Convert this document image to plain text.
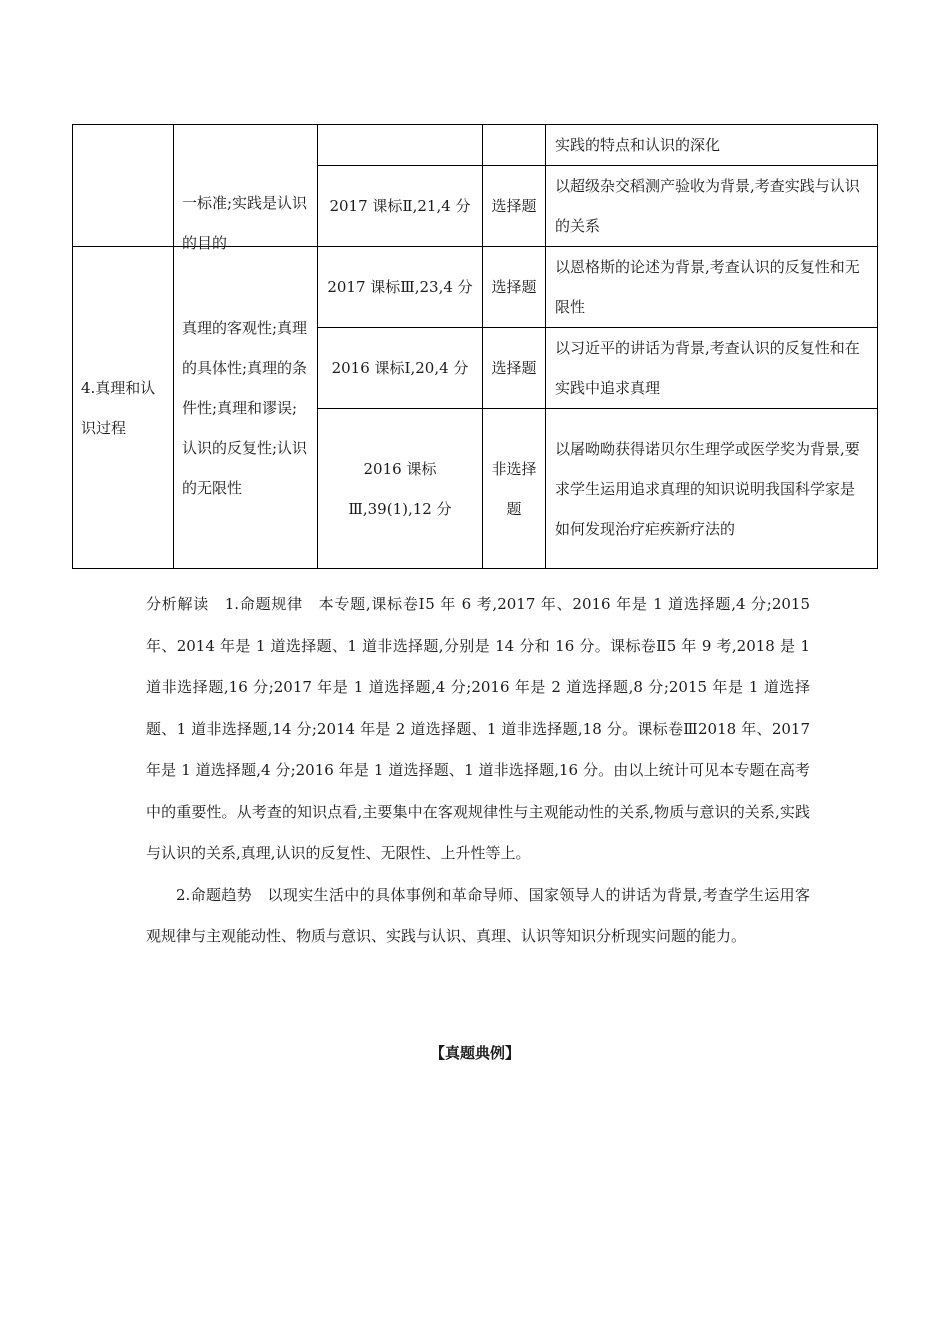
	一标准;实践是认识的目的			实践的特点和认识的深化
		2017 课标Ⅱ,21,4 分	选择题	以超级杂交稻测产验收为背景,考查实践与认识的关系
4.真理和认识过程	真理的客观性;真理的具体性;真理的条件性;真理和谬误;认识的反复性;认识的无限性	2017 课标Ⅲ,23,4 分	选择题	以恩格斯的论述为背景,考查认识的反复性和无限性
		2016 课标Ⅰ,20,4 分	选择题	以习近平的讲话为背景,考查认识的反复性和在实践中追求真理
		2016 课标Ⅲ,39(1),12 分	非选择题	以屠呦呦获得诺贝尔生理学或医学奖为背景,要求学生运用追求真理的知识说明我国科学家是如何发现治疗疟疾新疗法的

分析解读　1.命题规律　本专题,课标卷Ⅰ5 年 6 考,2017 年、2016 年是 1 道选择题,4 分;2015 年、2014 年是 1 道选择题、1 道非选择题,分别是 14 分和 16 分。课标卷Ⅱ5 年 9 考,2018 是 1 道非选择题,16 分;2017 年是 1 道选择题,4 分;2016 年是 2 道选择题,8 分;2015 年是 1 道选择题、1 道非选择题,14 分;2014 年是 2 道选择题、1 道非选择题,18 分。课标卷Ⅲ2018 年、2017 年是 1 道选择题,4 分;2016 年是 1 道选择题、1 道非选择题,16 分。由以上统计可见本专题在高考中的重要性。从考查的知识点看,主要集中在客观规律性与主观能动性的关系,物质与意识的关系,实践与认识的关系,真理,认识的反复性、无限性、上升性等上。

2.命题趋势　以现实生活中的具体事例和革命导师、国家领导人的讲话为背景,考查学生运用客观规律与主观能动性、物质与意识、实践与认识、真理、认识等知识分析现实问题的能力。

【真题典例】
